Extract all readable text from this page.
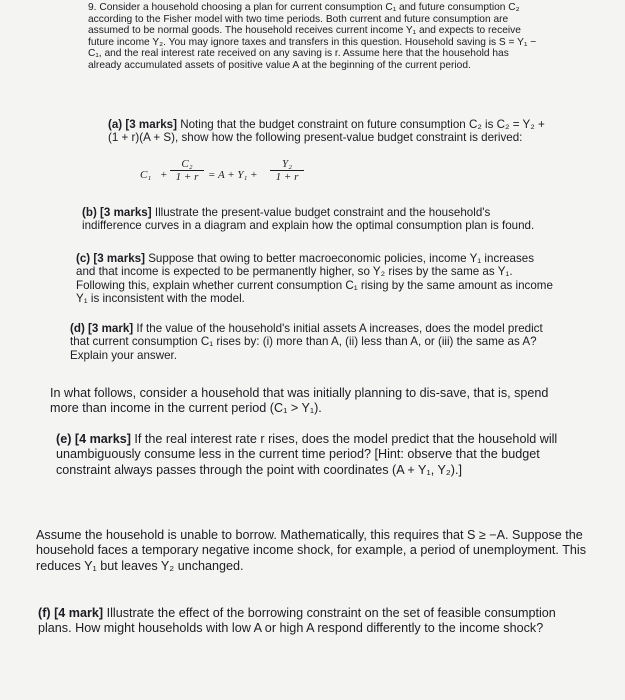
9. Consider a household choosing a plan for current consumption C₁ and future consumption C₂ according to the Fisher model with two time periods. Both current and future consumption are assumed to be normal goods. The household receives current income Y₁ and expects to receive future income Y₂. You may ignore taxes and transfers in this question. Household saving is S = Y₁ − C₁, and the real interest rate received on any saving is r. Assume here that the household has already accumulated assets of positive value A at the beginning of the current period.

(a) [3 marks] Noting that the budget constraint on future consumption C₂ is C₂ = Y₂ + (1 + r)(A + S), show how the following present-value budget constraint is derived:

$C_1 + \frac{\text{C₂}}{1 + r} = A + Y_1 + \frac{\text{Y₂}}{1 + r}$

(b) [3 marks] Illustrate the present-value budget constraint and the household's indifference curves in a diagram and explain how the optimal consumption plan is found.

(c) [3 marks] Suppose that owing to better macroeconomic policies, income Y₁ increases and that income is expected to be permanently higher, so Y₂ rises by the same as Y₁. Following this, explain whether current consumption C₁ rising by the same amount as income Y₁ is inconsistent with the model.

(d) [3 mark] If the value of the household's initial assets A increases, does the model predict that current consumption C₁ rises by: (i) more than A, (ii) less than A, or (iii) the same as A? Explain your answer.

In what follows, consider a household that was initially planning to dis-save, that is, spend more than income in the current period (C₁ > Y₁).

(e) [4 marks] If the real interest rate r rises, does the model predict that the household will unambiguously consume less in the current time period? [Hint: observe that the budget constraint always passes through the point with coordinates (A + Y₁, Y₂).]

Assume the household is unable to borrow. Mathematically, this requires that S ≥ −A. Suppose the household faces a temporary negative income shock, for example, a period of unemployment. This reduces Y₁ but leaves Y₂ unchanged.

(f) [4 mark] Illustrate the effect of the borrowing constraint on the set of feasible consumption plans. How might households with low A or high A respond differently to the income shock?
